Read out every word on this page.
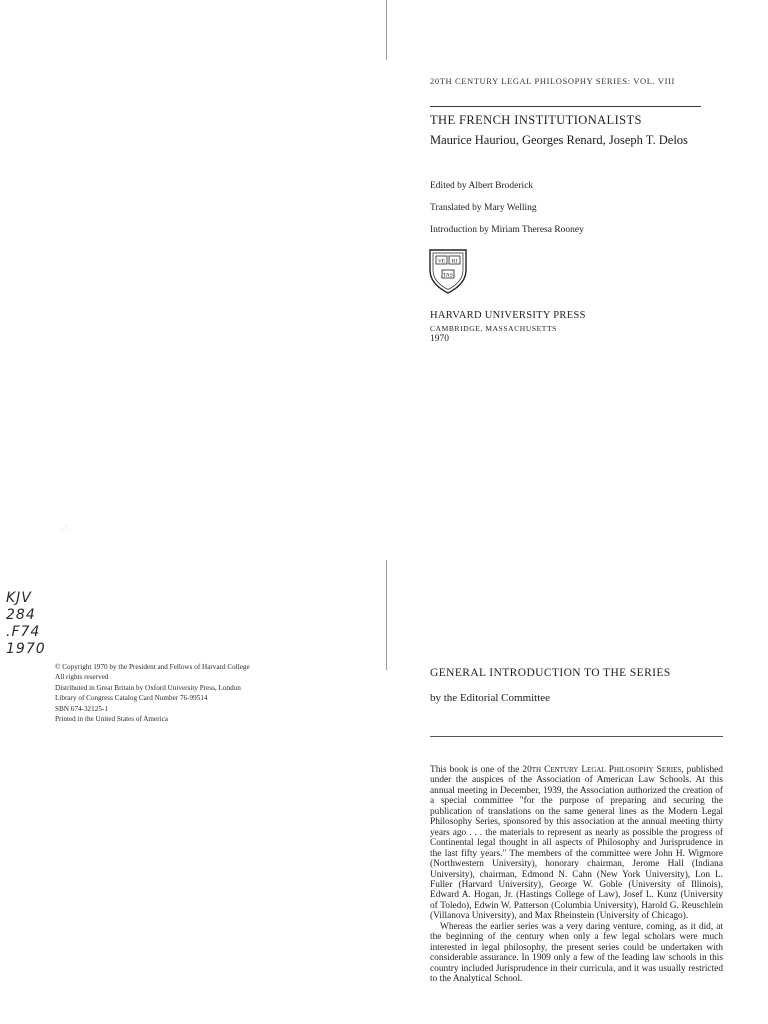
. ' .
KJV
284
.F74
1970
© Copyright 1970 by the President and Fellows of Harvard College
All rights reserved
Distributed in Great Britain by Oxford University Press, London
Library of Congress Catalog Card Number 76-99514
SBN 674-32125-1
Printed in the United States of America
20TH CENTURY LEGAL PHILOSOPHY SERIES: VOL. VIII
THE FRENCH INSTITUTIONALISTS
Maurice Hauriou, Georges Renard, Joseph T. Delos
Edited by Albert Broderick
Translated by Mary Welling
Introduction by Miriam Theresa Rooney
VE RI
TAS
HARVARD UNIVERSITY PRESS
CAMBRIDGE, MASSACHUSETTS
1970
GENERAL INTRODUCTION TO THE SERIES
by the Editorial Committee

This book is one of the 20th Century Legal Philosophy Series, published under the auspices of the Association of American Law Schools. At this annual meeting in December, 1939, the Association authorized the creation of a special committee "for the purpose of preparing and securing the publication of translations on the same general lines as the Modern Legal Philosophy Series, sponsored by this association at the annual meeting thirty years ago . . . the materials to represent as nearly as possible the progress of Continental legal thought in all aspects of Philosophy and Jurisprudence in the last fifty years." The members of the committee were John H. Wigmore (Northwestern University), honorary chairman, Jerome Hall (Indiana University), chairman, Edmond N. Cahn (New York University), Lon L. Fuller (Harvard University), George W. Goble (University of Illinois), Edward A. Hogan, Jr. (Hastings College of Law), Josef L. Kunz (University of Toledo), Edwin W. Patterson (Columbia University), Harold G. Reuschlein (Villanova University), and Max Rheinstein (University of Chicago).

Whereas the earlier series was a very daring venture, coming, as it did, at the beginning of the century when only a few legal scholars were much interested in legal philosophy, the present series could be undertaken with considerable assurance. In 1909 only a few of the leading law schools in this country included Jurisprudence in their curricula, and it was usually restricted to the Analytical School.
